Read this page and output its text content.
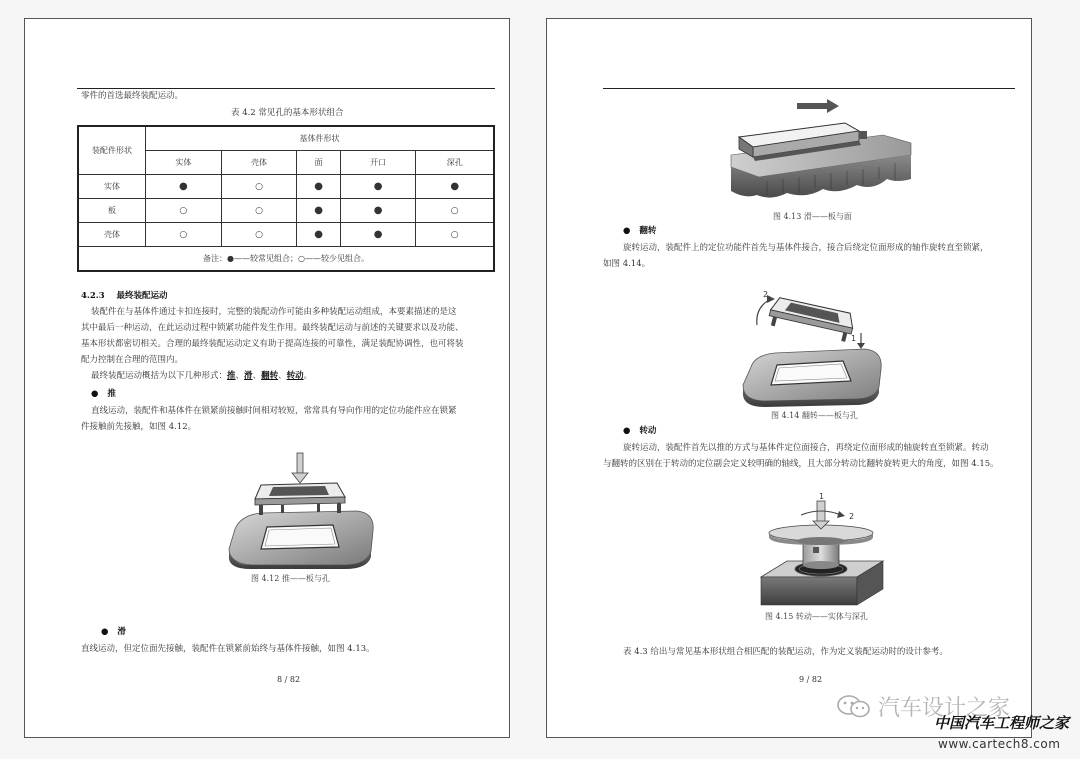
零件的首选最终装配运动。
表 4.2 常见孔的基本形状组合
装配件形状	基体件形状				
	实体	壳体	面	开口	深孔
实体	●	○	●	●	●
板	○	○	●	●	○
壳体	○	○	●	●	○
备注：●——较常见组合；○——较少见组合。					
4.2.3 最终装配运动
装配件在与基体件通过卡扣连接时，完整的装配动作可能由多种装配运动组成，本要素描述的是这
其中最后一种运动，在此运动过程中锁紧功能件发生作用。最终装配运动与前述的关键要求以及功能、
基本形状都密切相关。合理的最终装配运动定义有助于提高连接的可靠性，满足装配协调性，也可将装
配力控制在合理的范围内。
最终装配运动概括为以下几种形式：推、滑、翻转、转动。
● 推
直线运动，装配件和基体件在锁紧前接触时间相对较短，常常具有导向作用的定位功能件应在锁紧
件接触前先接触，如图 4.12。
图 4.12 推——板与孔
● 滑
直线运动，但定位面先接触，装配件在锁紧前始终与基体件接触，如图 4.13。
8 / 82
图 4.13 滑——板与面
● 翻转
旋转运动，装配件上的定位功能件首先与基体件接合，接合后绕定位面形成的轴作旋转直至锁紧，
如图 4.14。
2
1
图 4.14 翻转——板与孔
● 转动
旋转运动，装配件首先以推的方式与基体件定位面接合，再绕定位面形成的轴旋转直至锁紧。转动
与翻转的区别在于转动的定位副会定义较明确的轴线，且大部分转动比翻转旋转更大的角度，如图 4.15。
1
2
图 4.15 转动——实体与深孔
表 4.3 给出与常见基本形状组合相匹配的装配运动，作为定义装配运动时的设计参考。
9 / 82
汽车设计之家
中国汽车工程师之家
www.cartech8.com
